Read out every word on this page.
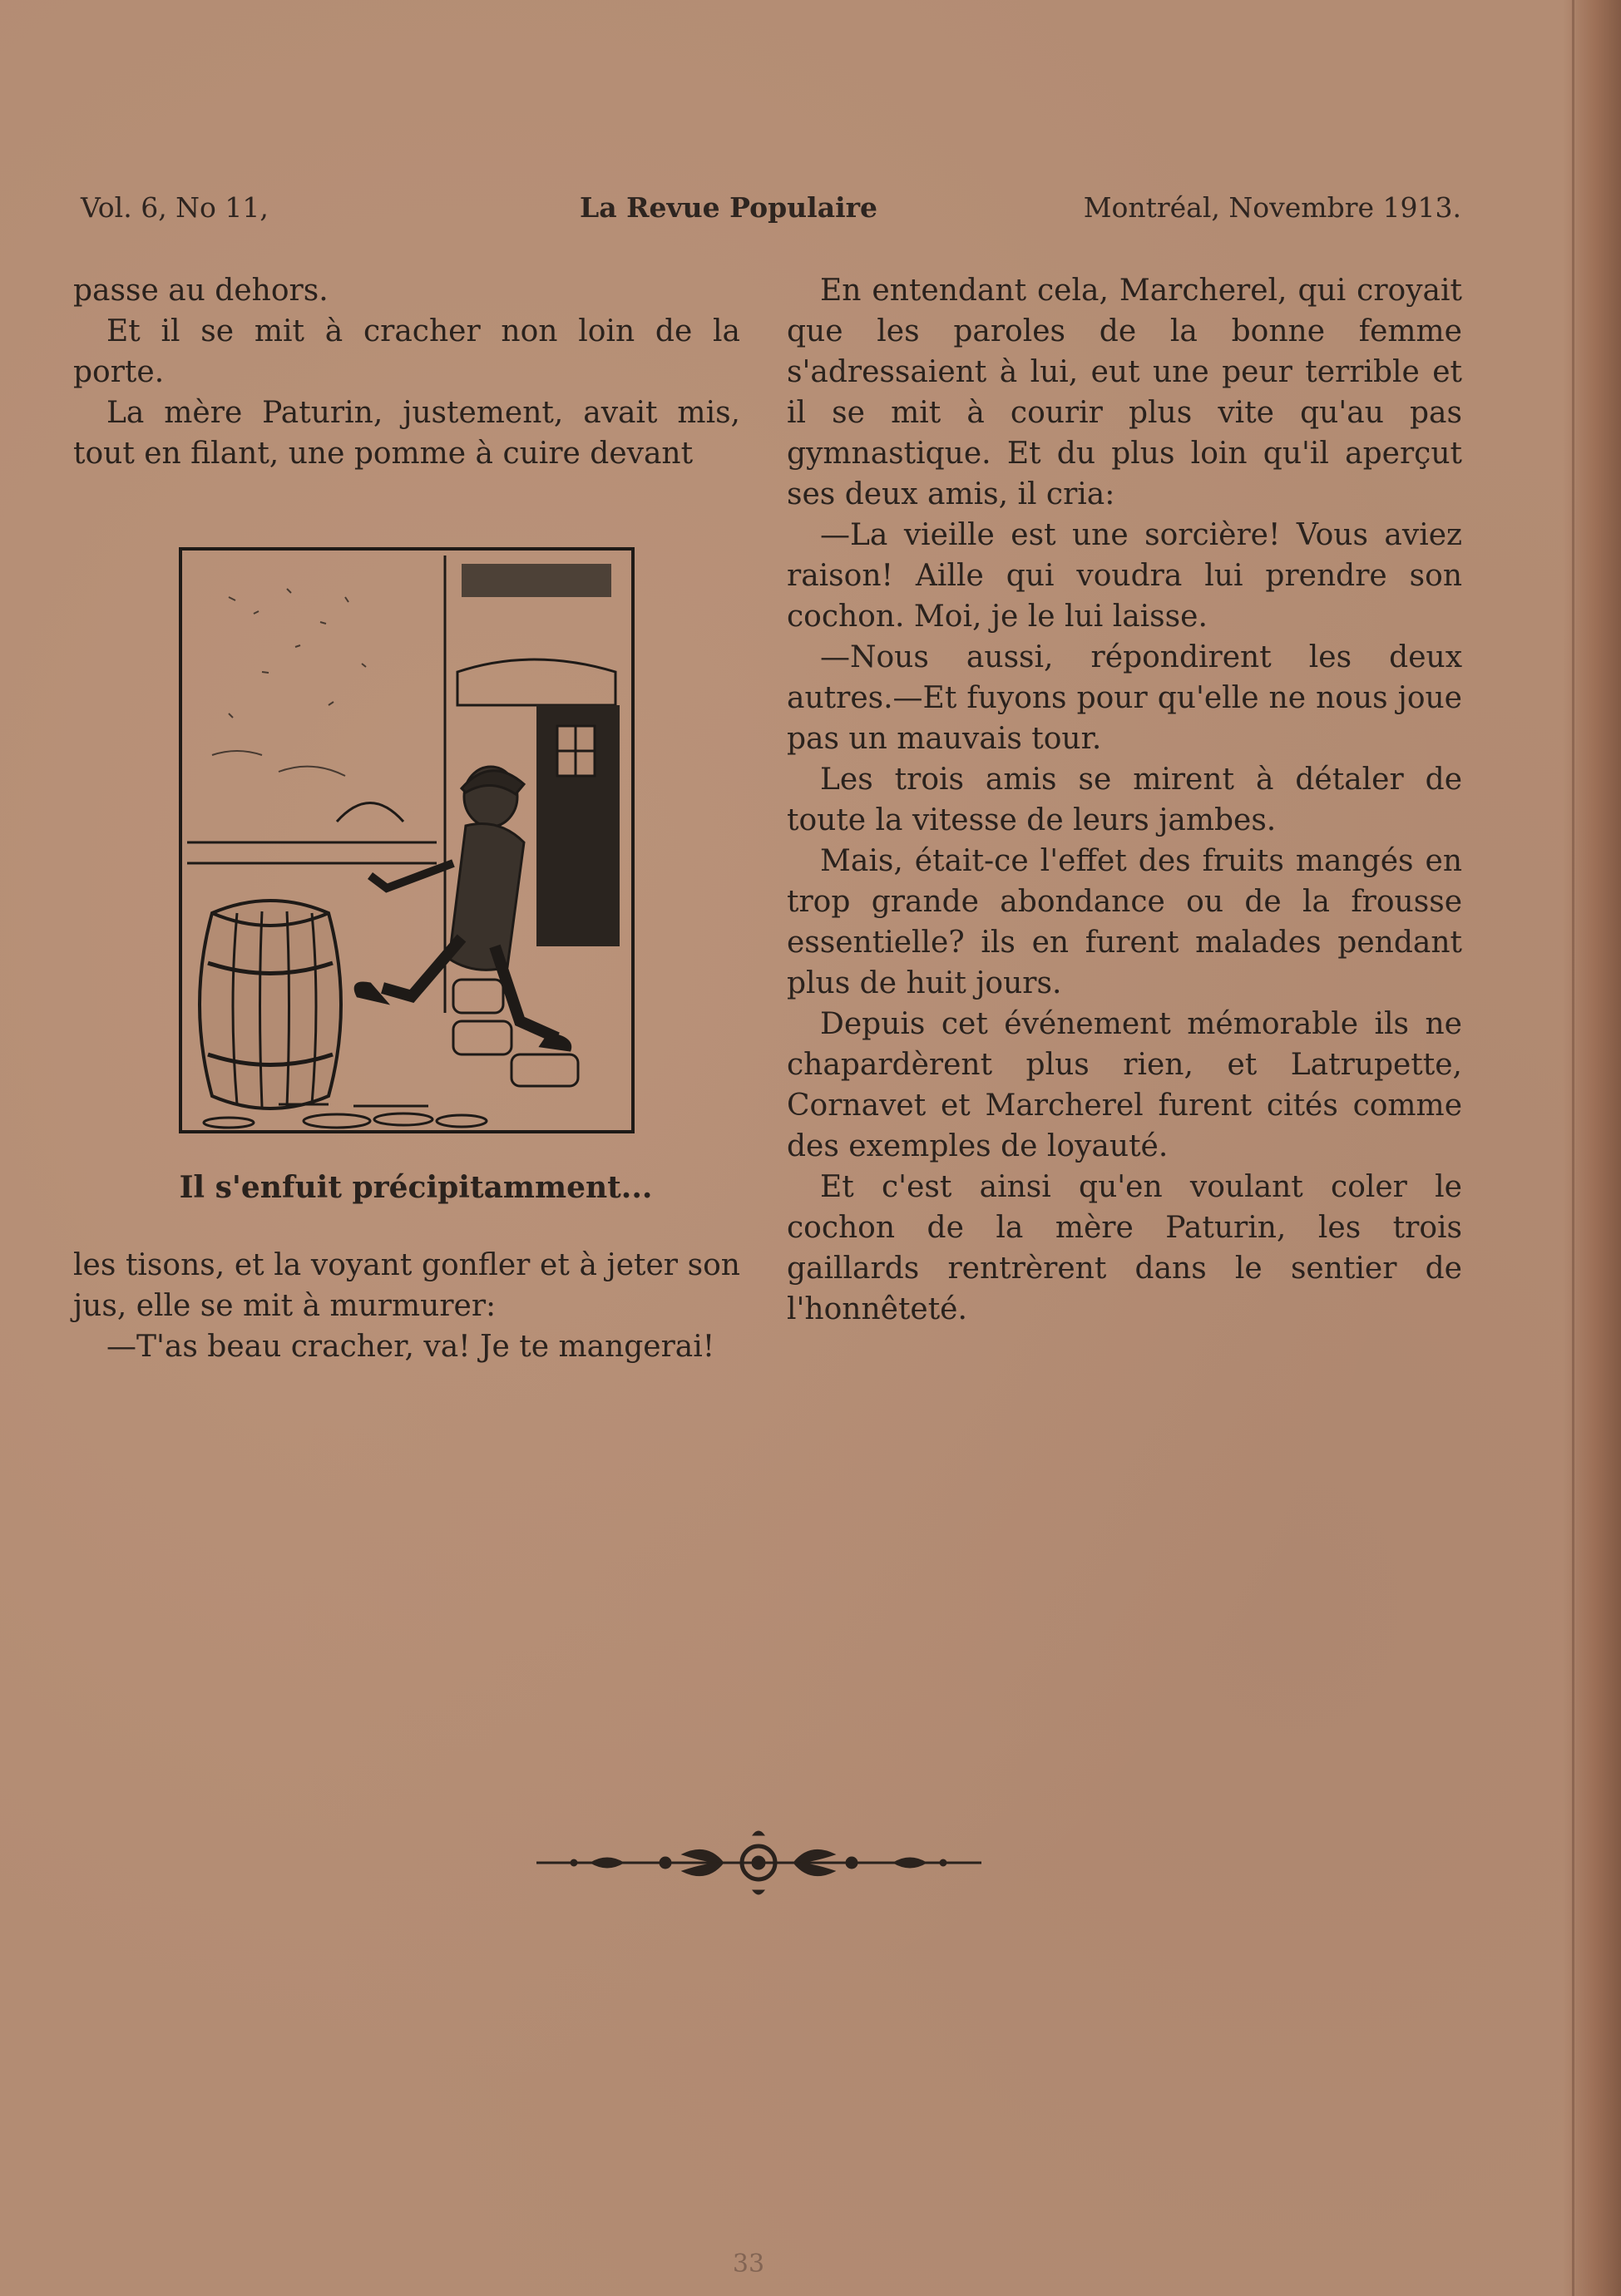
Vol. 6, No 11,	La Revue Populaire	Montréal, Novembre 1913.

passe au dehors.

Et il se mit à cracher non loin de la porte.

La mère Paturin, justement, avait mis, tout en filant, une pomme à cuire devant

Il s'enfuit précipitamment...

les tisons, et la voyant gonfler et à jeter son jus, elle se mit à murmurer:

—T'as beau cracher, va! Je te mangerai!

En entendant cela, Marcherel, qui croyait que les paroles de la bonne femme s'adressaient à lui, eut une peur terrible et il se mit à courir plus vite qu'au pas gymnastique. Et du plus loin qu'il aperçut ses deux amis, il cria:

—La vieille est une sorcière! Vous aviez raison! Aille qui voudra lui prendre son cochon. Moi, je le lui laisse.

—Nous aussi, répondirent les deux autres.—Et fuyons pour qu'elle ne nous joue pas un mauvais tour.

Les trois amis se mirent à détaler de toute la vitesse de leurs jambes.

Mais, était-ce l'effet des fruits mangés en trop grande abondance ou de la frousse essentielle? ils en furent malades pendant plus de huit jours.

Depuis cet événement mémorable ils ne chapardèrent plus rien, et Latrupette, Cornavet et Marcherel furent cités comme des exemples de loyauté.

Et c'est ainsi qu'en voulant coler le cochon de la mère Paturin, les trois gaillards rentrèrent dans le sentier de l'honnêteté.

33
